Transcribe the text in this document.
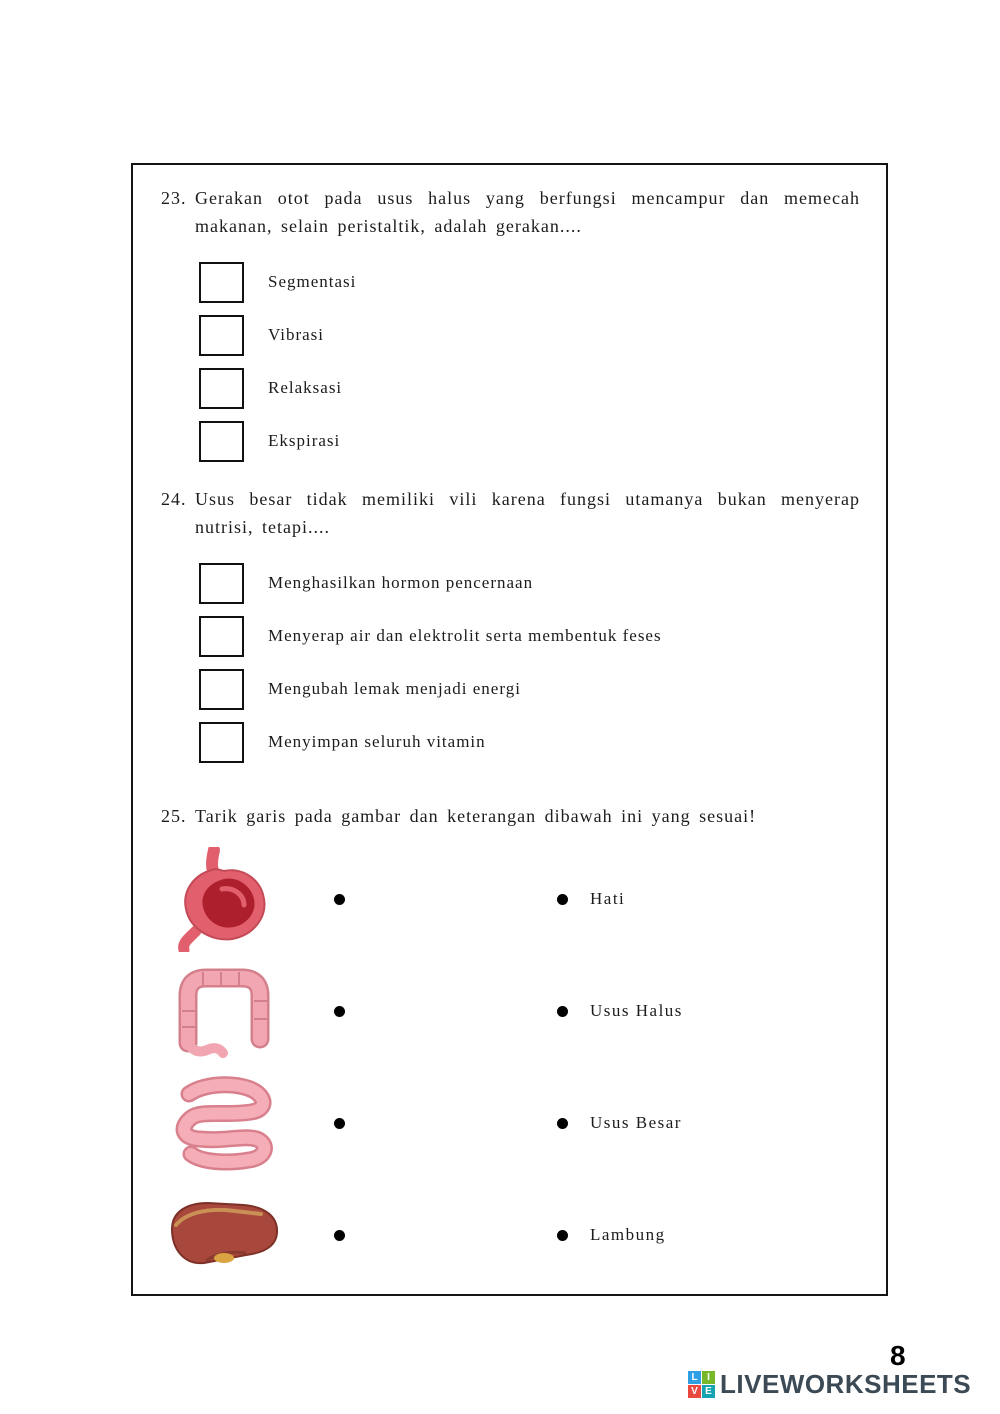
23. Gerakan otot pada usus halus yang berfungsi mencampur dan memecah makanan, selain peristaltik, adalah gerakan....
Segmentasi
Vibrasi
Relaksasi
Ekspirasi
24. Usus besar tidak memiliki vili karena fungsi utamanya bukan menyerap nutrisi, tetapi....
Menghasilkan hormon pencernaan
Menyerap air dan elektrolit serta membentuk feses
Mengubah lemak menjadi energi
Menyimpan seluruh vitamin
25. Tarik garis pada gambar dan keterangan dibawah ini yang sesuai!
Hati
Usus Halus
Usus Besar
Lambung
8
L I
V E LIVEWORKSHEETS
